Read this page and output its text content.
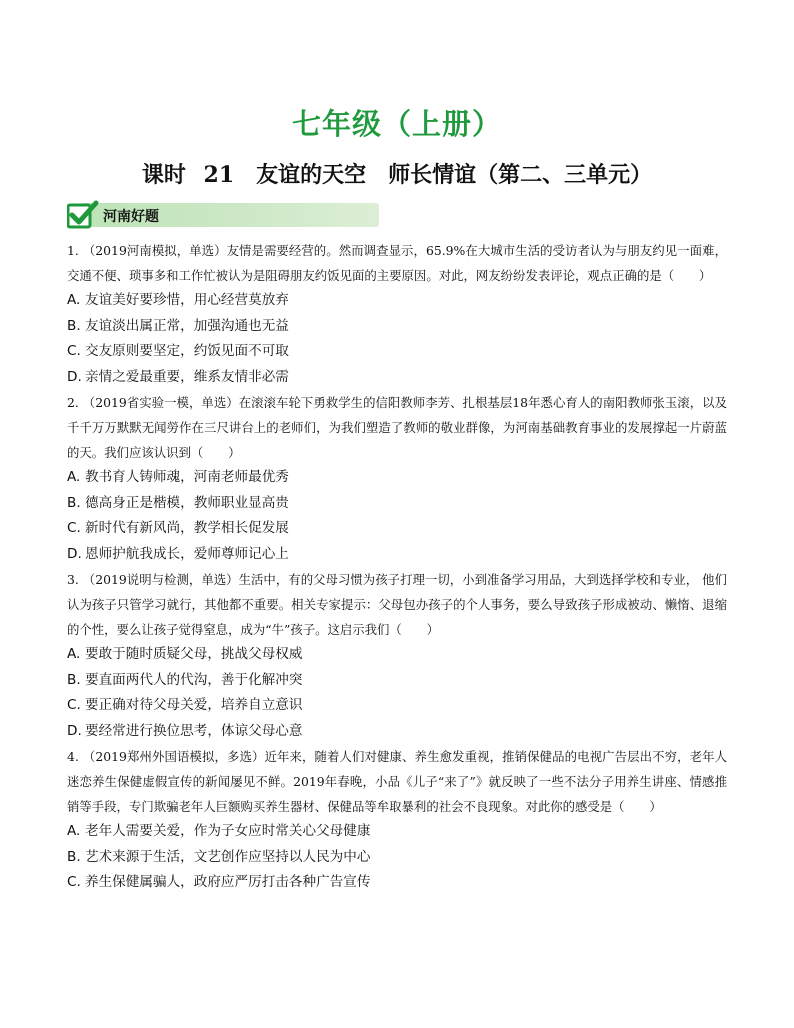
七年级（上册）
课时 21　友谊的天空　师长情谊（第二、三单元）
河南好题

1. （2019河南模拟，单选）友情是需要经营的。然而调查显示，65.9%在大城市生活的受访者认为与朋友约见一面难，交通不便、琐事多和工作忙被认为是阻碍朋友约饭见面的主要原因。对此，网友纷纷发表评论，观点正确的是（　　）

A. 友谊美好要珍惜，用心经营莫放弃

B. 友谊淡出属正常，加强沟通也无益

C. 交友原则要坚定，约饭见面不可取

D. 亲情之爱最重要，维系友情非必需

2. （2019省实验一模，单选）在滚滚车轮下勇救学生的信阳教师李芳、扎根基层18年悉心育人的南阳教师张玉滚，以及千千万万默默无闻勞作在三尺讲台上的老师们，为我们塑造了教师的敬业群像，为河南基础教育事业的发展撑起一片蔚蓝的天。我们应该认识到（　　）

A. 教书育人铸师魂，河南老师最优秀

B. 德高身正是楷模，教师职业显高贵

C. 新时代有新风尚，教学相长促发展

D. 恩师护航我成长，爱师尊师记心上

3. （2019说明与检测，单选）生活中，有的父母习惯为孩子打理一切，小到准备学习用品，大到选择学校和专业， 他们认为孩子只管学习就行，其他都不重要。相关专家提示：父母包办孩子的个人事务，要么导致孩子形成被动、懒惰、退缩的个性，要么让孩子觉得窒息，成为“牛”孩子。这启示我们（　　）

A. 要敢于随时质疑父母，挑战父母权威

B. 要直面两代人的代沟，善于化解冲突

C. 要正确对待父母关爱，培养自立意识

D. 要经常进行换位思考，体谅父母心意

4. （2019郑州外国语模拟，多选）近年来，随着人们对健康、养生愈发重视，推销保健品的电视广告层出不穷，老年人迷恋养生保健虚假宣传的新闻屡见不鲜。2019年春晚，小品《儿子“来了”》就反映了一些不法分子用养生讲座、情感推销等手段，专门欺骗老年人巨额购买养生器材、保健品等牟取暴利的社会不良现象。对此你的感受是（　　）

A. 老年人需要关爱，作为子女应时常关心父母健康

B. 艺术来源于生活，文艺创作应坚持以人民为中心

C. 养生保健属骗人，政府应严厉打击各种广告宣传
